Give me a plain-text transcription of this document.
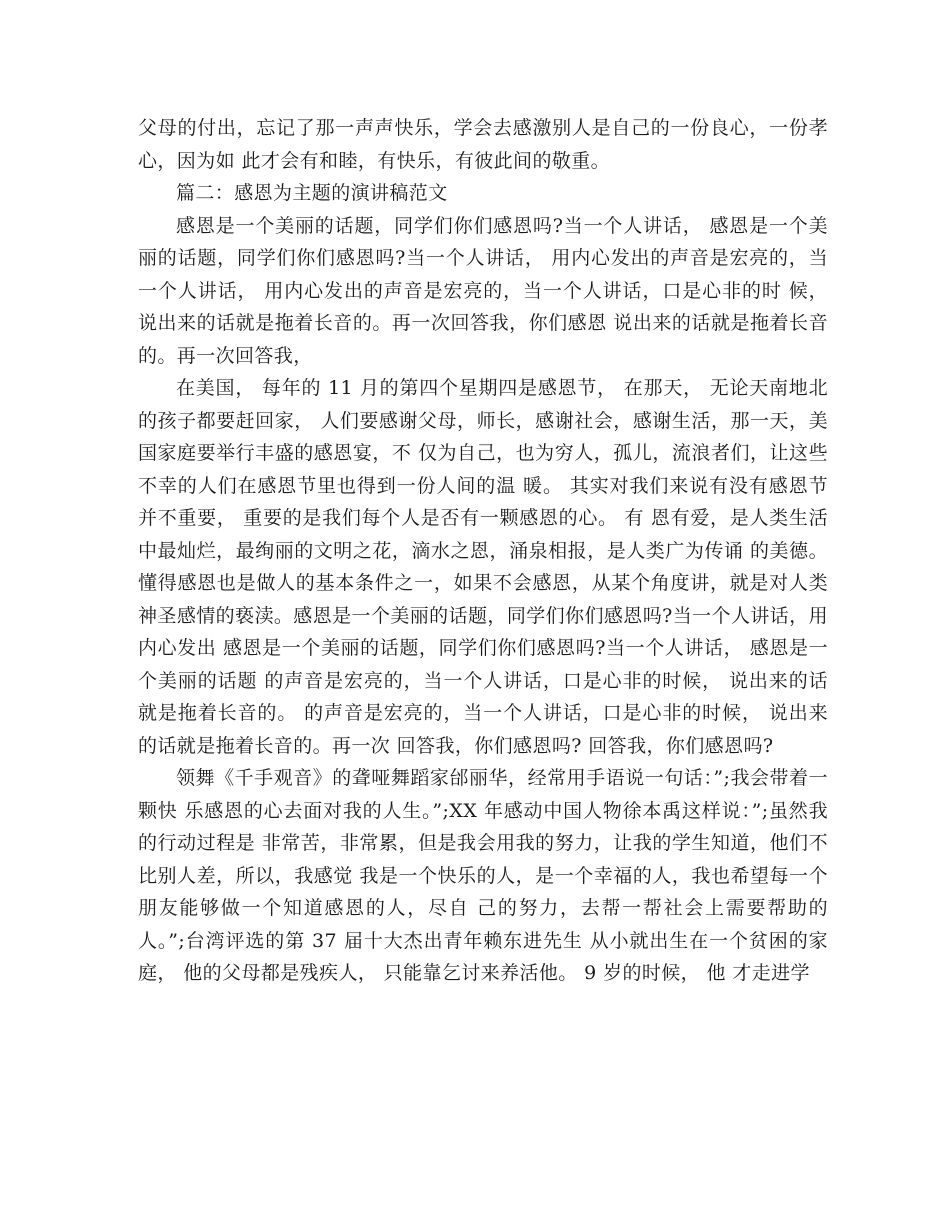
父母的付出，忘记了那一声声快乐，学会去感激别人是自己的一份良心，一份孝心，因为如 此才会有和睦，有快乐，有彼此间的敬重。

篇二：感恩为主题的演讲稿范文

感恩是一个美丽的话题，同学们你们感恩吗?当一个人讲话， 感恩是一个美丽的话题，同学们你们感恩吗?当一个人讲话， 用内心发出的声音是宏亮的，当一个人讲话， 用内心发出的声音是宏亮的，当一个人讲话，口是心非的时 候，说出来的话就是拖着长音的。再一次回答我，你们感恩 说出来的话就是拖着长音的。再一次回答我，

在美国， 每年的 11 月的第四个星期四是感恩节， 在那天， 无论天南地北的孩子都要赶回家， 人们要感谢父母，师长，感谢社会，感谢生活，那一天，美国家庭要举行丰盛的感恩宴，不 仅为自己，也为穷人，孤儿，流浪者们，让这些不幸的人们在感恩节里也得到一份人间的温 暖。 其实对我们来说有没有感恩节并不重要， 重要的是我们每个人是否有一颗感恩的心。 有 恩有爱，是人类生活中最灿烂，最绚丽的文明之花，滴水之恩，涌泉相报，是人类广为传诵 的美德。懂得感恩也是做人的基本条件之一，如果不会感恩，从某个角度讲，就是对人类神圣感情的亵渎。感恩是一个美丽的话题，同学们你们感恩吗?当一个人讲话，用内心发出 感恩是一个美丽的话题，同学们你们感恩吗?当一个人讲话， 感恩是一个美丽的话题 的声音是宏亮的，当一个人讲话，口是心非的时候， 说出来的话就是拖着长音的。 的声音是宏亮的，当一个人讲话，口是心非的时候， 说出来的话就是拖着长音的。再一次 回答我，你们感恩吗? 回答我，你们感恩吗?

领舞《千手观音》的聋哑舞蹈家邰丽华，经常用手语说一句话：”;我会带着一颗快 乐感恩的心去面对我的人生。”;XX 年感动中国人物徐本禹这样说：”;虽然我的行动过程是 非常苦，非常累，但是我会用我的努力，让我的学生知道，他们不比别人差，所以，我感觉 我是一个快乐的人，是一个幸福的人，我也希望每一个朋友能够做一个知道感恩的人，尽自 己的努力，去帮一帮社会上需要帮助的人。”;台湾评选的第 37 届十大杰出青年赖东进先生 从小就出生在一个贫困的家庭， 他的父母都是残疾人， 只能靠乞讨来养活他。 9 岁的时候， 他 才走进学
